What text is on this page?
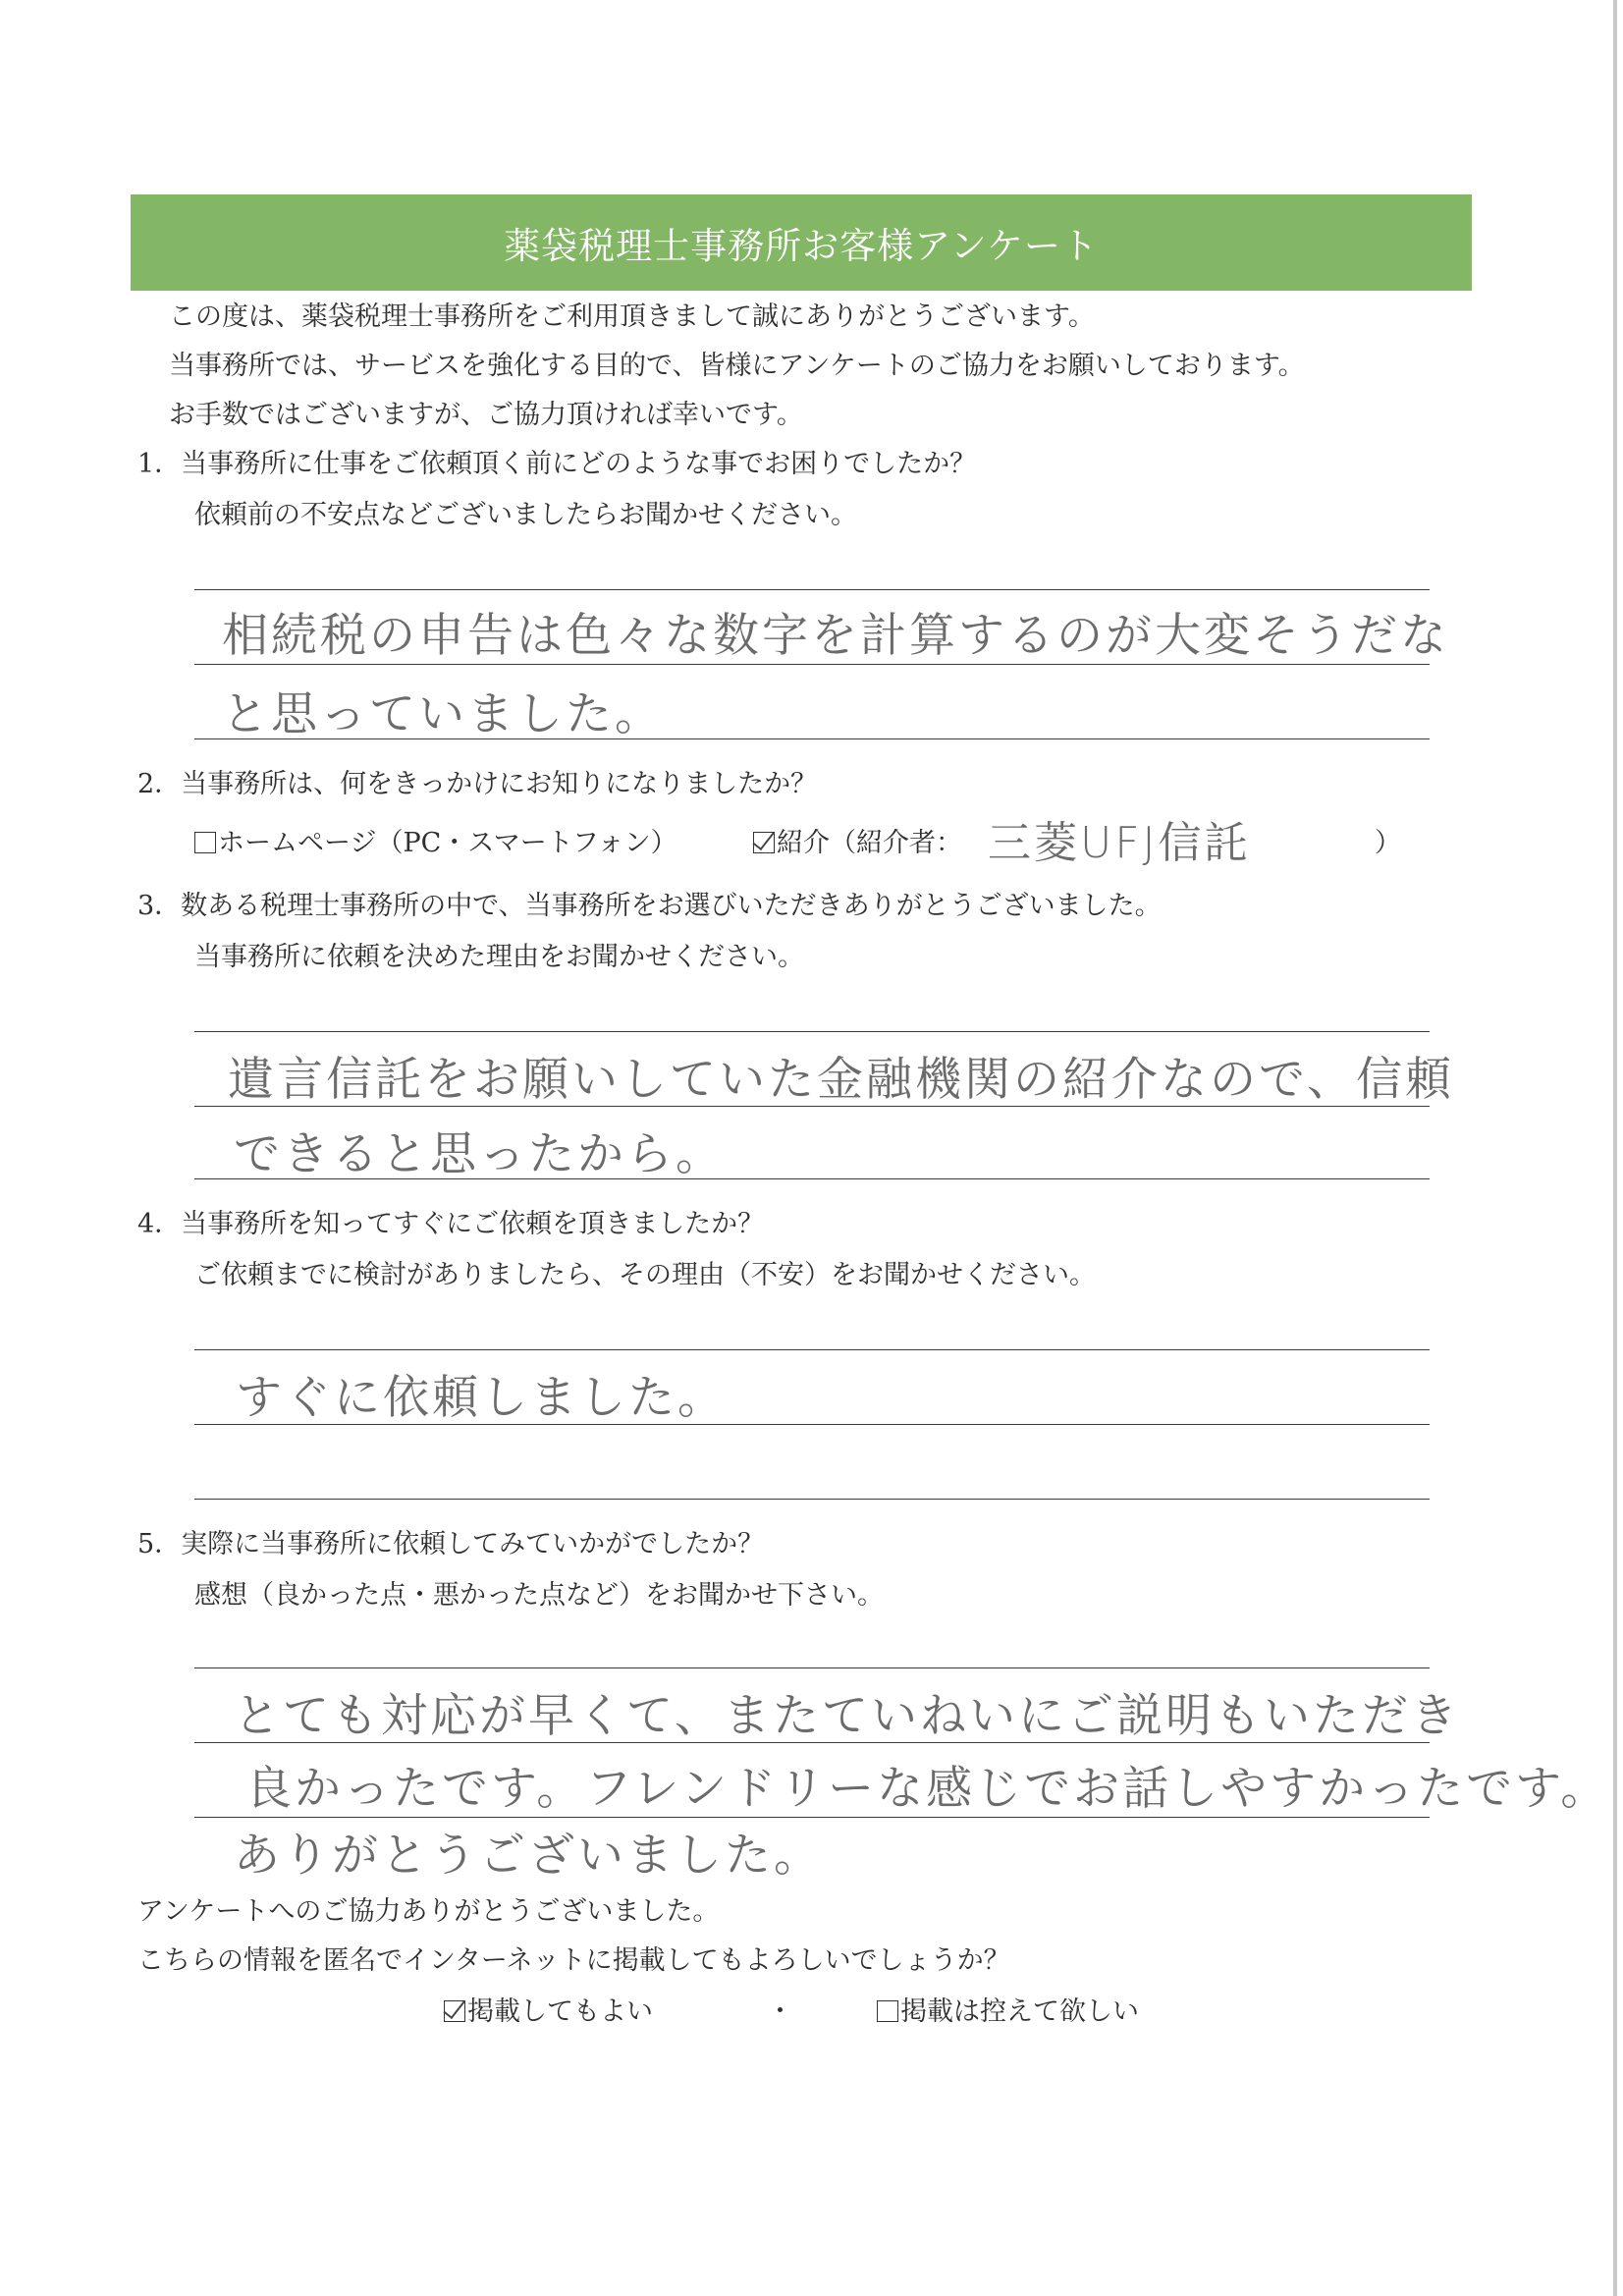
薬袋税理士事務所お客様アンケート
この度は、薬袋税理士事務所をご利用頂きまして誠にありがとうございます。
当事務所では、サービスを強化する目的で、皆様にアンケートのご協力をお願いしております。
お手数ではございますが、ご協力頂ければ幸いです。
1．当事務所に仕事をご依頼頂く前にどのような事でお困りでしたか？
依頼前の不安点などございましたらお聞かせください。
相続税の申告は色々な数字を計算するのが大変そうだな
と思っていました。
2．当事務所は、何をきっかけにお知りになりましたか？
ホームページ（PC・スマートフォン）	紹介（紹介者： 三菱UFJ信託	）
3．数ある税理士事務所の中で、当事務所をお選びいただきありがとうございました。
当事務所に依頼を決めた理由をお聞かせください。
遺言信託をお願いしていた金融機関の紹介なので、信頼
できると思ったから。
4．当事務所を知ってすぐにご依頼を頂きましたか？
ご依頼までに検討がありましたら、その理由（不安）をお聞かせください。
すぐに依頼しました。
5．実際に当事務所に依頼してみていかがでしたか？
感想（良かった点・悪かった点など）をお聞かせ下さい。
とても対応が早くて、またていねいにご説明もいただき
良かったです。フレンドリーな感じでお話しやすかったです。
ありがとうございました。
アンケートへのご協力ありがとうございました。
こちらの情報を匿名でインターネットに掲載してもよろしいでしょうか？
掲載してもよい	・	掲載は控えて欲しい
